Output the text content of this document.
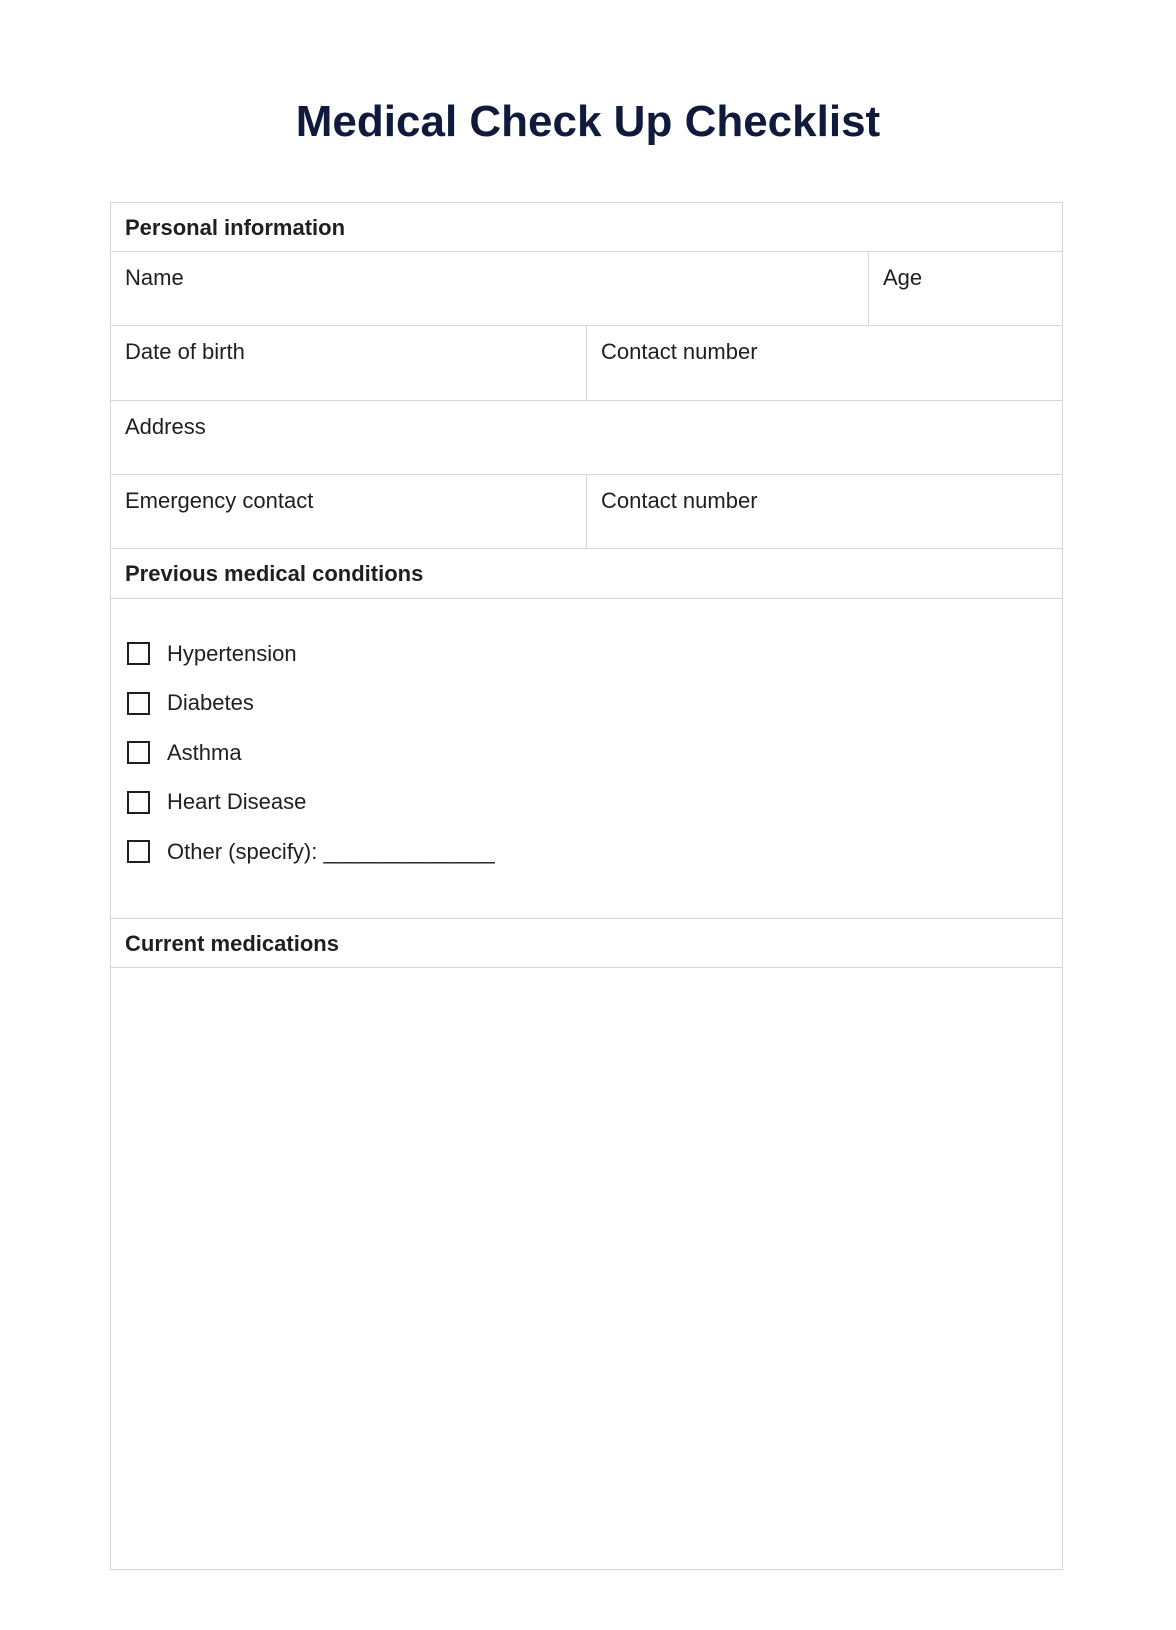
Medical Check Up Checklist
Personal information
Name	Age
Date of birth	Contact number
Address
Emergency contact	Contact number
Previous medical conditions
Hypertension
Diabetes
Asthma
Heart Disease
Other (specify): ______________
Current medications
